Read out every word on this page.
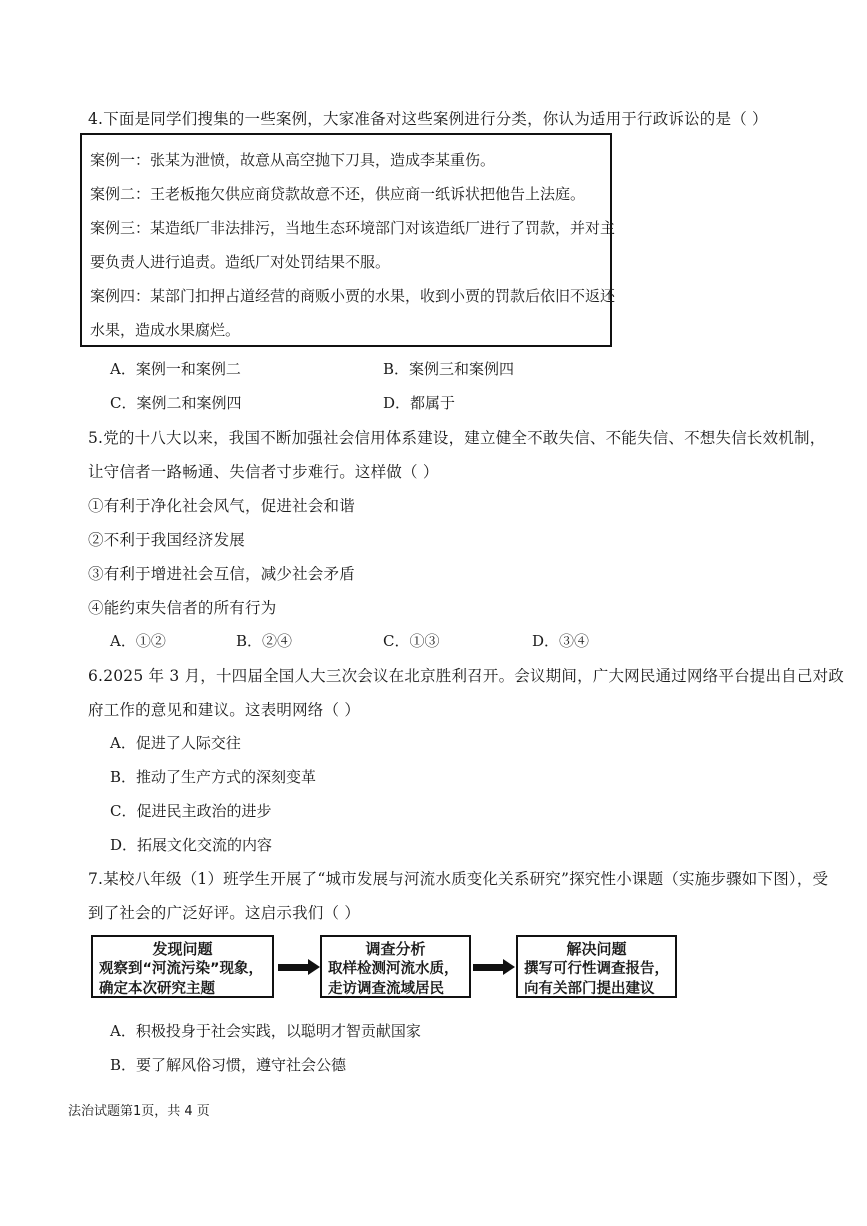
4.下面是同学们搜集的一些案例，大家准备对这些案例进行分类，你认为适用于行政诉讼的是（ ）
案例一：张某为泄愤，故意从高空抛下刀具，造成李某重伤。
案例二：王老板拖欠供应商贷款故意不还，供应商一纸诉状把他告上法庭。
案例三：某造纸厂非法排污，当地生态环境部门对该造纸厂进行了罚款，并对主
要负责人进行追责。造纸厂对处罚结果不服。
案例四：某部门扣押占道经营的商贩小贾的水果，收到小贾的罚款后依旧不返还
水果，造成水果腐烂。
A．案例一和案例二	B．案例三和案例四
C．案例二和案例四	D．都属于
5.党的十八大以来，我国不断加强社会信用体系建设，建立健全不敢失信、不能失信、不想失信长效机制，
让守信者一路畅通、失信者寸步难行。这样做（ ）
①有利于净化社会风气，促进社会和谐
②不利于我国经济发展
③有利于增进社会互信，减少社会矛盾
④能约束失信者的所有行为
A．①②	B．②④	C．①③	D．③④
6.2025 年 3 月，十四届全国人大三次会议在北京胜利召开。会议期间，广大网民通过网络平台提出自己对政
府工作的意见和建议。这表明网络（ ）
A．促进了人际交往
B．推动了生产方式的深刻变革
C．促进民主政治的进步
D．拓展文化交流的内容
7.某校八年级（1）班学生开展了“城市发展与河流水质变化关系研究”探究性小课题（实施步骤如下图），受
到了社会的广泛好评。这启示我们（ ）
发现问题
观察到“河流污染”现象，
确定本次研究主题
调查分析
取样检测河流水质，
走访调查流域居民
解决问题
撰写可行性调查报告，
向有关部门提出建议
A．积极投身于社会实践，以聪明才智贡献国家
B．要了解风俗习惯，遵守社会公德
法治试题第1页，共 4 页
